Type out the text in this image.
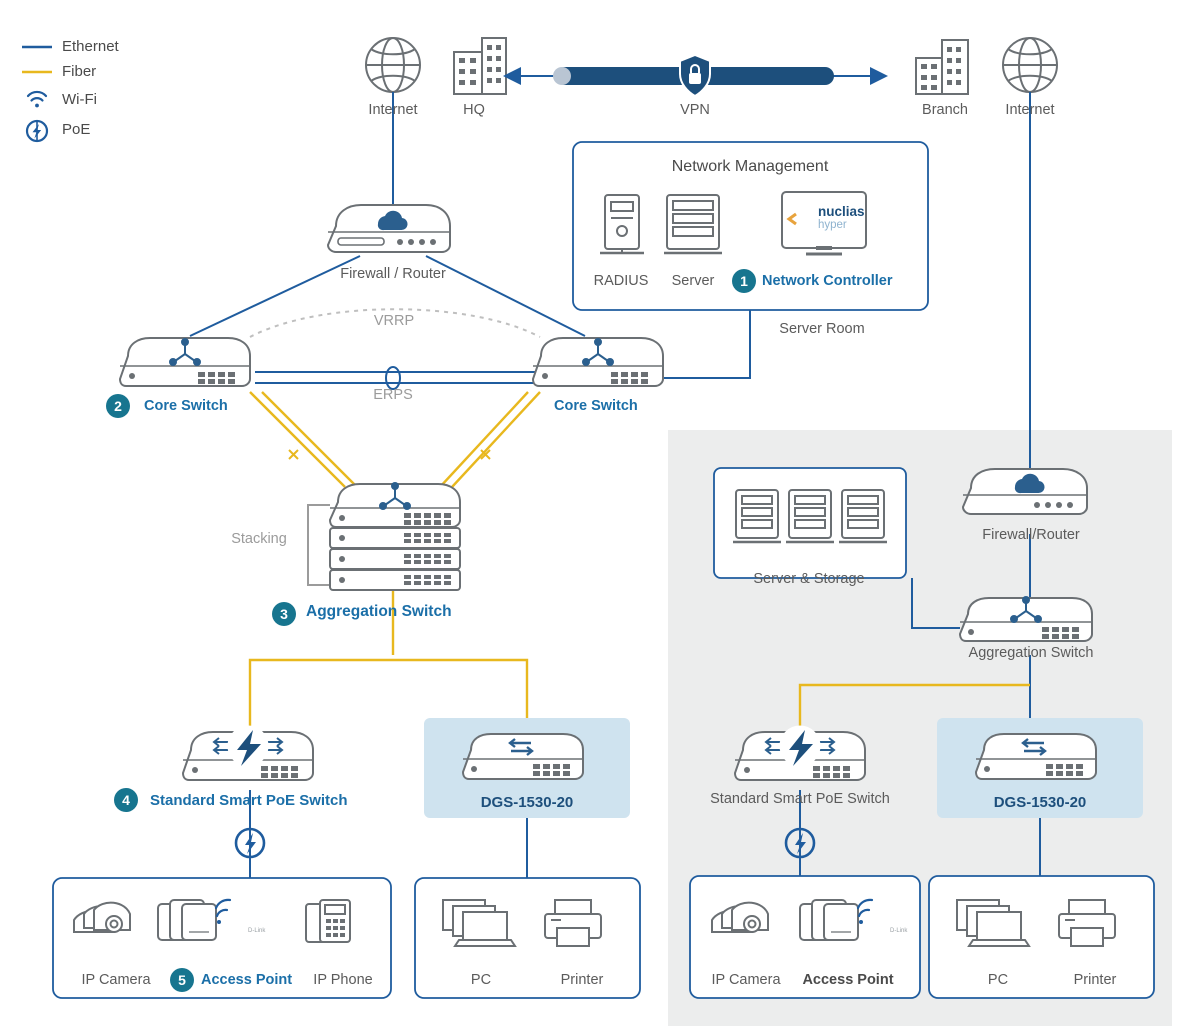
Ethernet
Fiber
Wi-Fi
PoE
Internet	HQ	VPN	Branch	Internet
Network Management
RADIUS Server	Network Controller
1
Server Room
nuclias
hyper
Firewall / Router
VRRP
ERPS
Stacking
2	Core Switch	Core Switch
3	Aggregation Switch
4	Standard Smart PoE Switch	DGS-1530-20
IP Camera	5	Access Point IP Phone	PC	Printer
Firewall/Router
Server & Storage
Aggregation Switch
Standard Smart PoE Switch	DGS-1530-20
IP Camera Access Point	PC	Printer
D-Link	D-Link
